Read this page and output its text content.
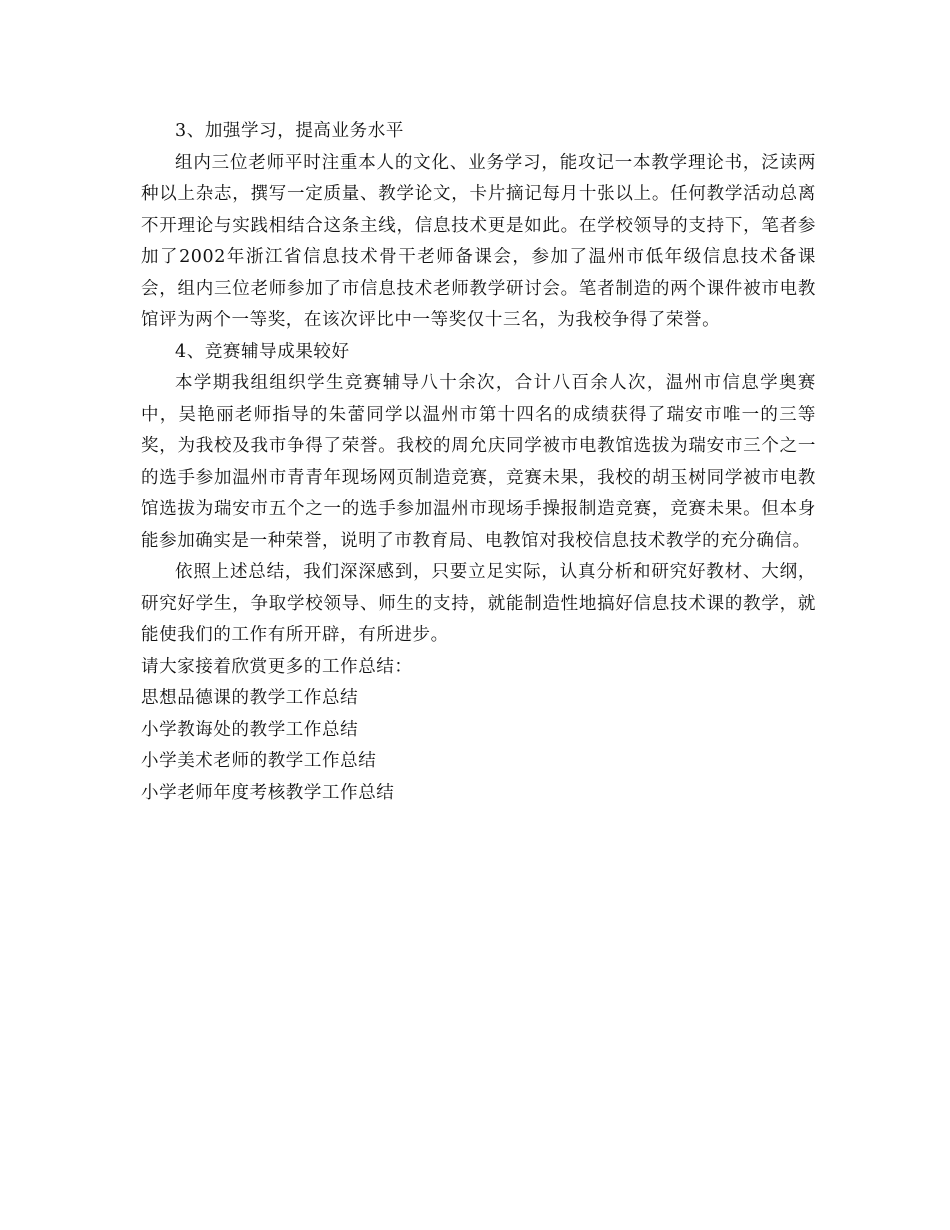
3、加强学习，提高业务水平

组内三位老师平时注重本人的文化、业务学习，能攻记一本教学理论书，泛读两种以上杂志，撰写一定质量、教学论文，卡片摘记每月十张以上。任何教学活动总离不开理论与实践相结合这条主线，信息技术更是如此。在学校领导的支持下，笔者参加了2002年浙江省信息技术骨干老师备课会，参加了温州市低年级信息技术备课会，组内三位老师参加了市信息技术老师教学研讨会。笔者制造的两个课件被市电教馆评为两个一等奖，在该次评比中一等奖仅十三名，为我校争得了荣誉。

4、竞赛辅导成果较好

本学期我组组织学生竞赛辅导八十余次，合计八百余人次，温州市信息学奥赛中，吴艳丽老师指导的朱蕾同学以温州市第十四名的成绩获得了瑞安市唯一的三等奖，为我校及我市争得了荣誉。我校的周允庆同学被市电教馆选拔为瑞安市三个之一的选手参加温州市青青年现场网页制造竞赛，竞赛未果，我校的胡玉树同学被市电教馆选拔为瑞安市五个之一的选手参加温州市现场手操报制造竞赛，竞赛未果。但本身能参加确实是一种荣誉，说明了市教育局、电教馆对我校信息技术教学的充分确信。

依照上述总结，我们深深感到，只要立足实际，认真分析和研究好教材、大纲，研究好学生，争取学校领导、师生的支持，就能制造性地搞好信息技术课的教学，就能使我们的工作有所开辟，有所进步。

请大家接着欣赏更多的工作总结：

思想品德课的教学工作总结
小学教诲处的教学工作总结
小学美术老师的教学工作总结
小学老师年度考核教学工作总结
